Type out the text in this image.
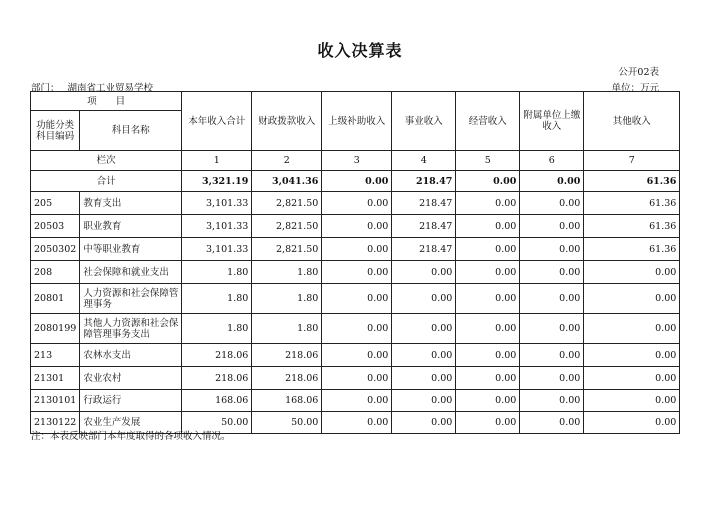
收入决算表
公开02表
部门： 湖南省工业贸易学校	单位：万元
项　　目		本年收入合计	财政拨款收入	上级补助收入	事业收入	经营收入	附属单位上缴收入	其他收入
功能分类科目编码	科目名称							
栏次		1	2	3	4	5	6	7
合计		3,321.19	3,041.36	0.00	218.47	0.00	0.00	61.36
205	教育支出	3,101.33	2,821.50	0.00	218.47	0.00	0.00	61.36
20503	职业教育	3,101.33	2,821.50	0.00	218.47	0.00	0.00	61.36
2050302	中等职业教育	3,101.33	2,821.50	0.00	218.47	0.00	0.00	61.36
208	社会保障和就业支出	1.80	1.80	0.00	0.00	0.00	0.00	0.00
20801	人力资源和社会保障管理事务	1.80	1.80	0.00	0.00	0.00	0.00	0.00
2080199	其他人力资源和社会保障管理事务支出	1.80	1.80	0.00	0.00	0.00	0.00	0.00
213	农林水支出	218.06	218.06	0.00	0.00	0.00	0.00	0.00
21301	农业农村	218.06	218.06	0.00	0.00	0.00	0.00	0.00
2130101	行政运行	168.06	168.06	0.00	0.00	0.00	0.00	0.00
2130122	农业生产发展	50.00	50.00	0.00	0.00	0.00	0.00	0.00
注：本表反映部门本年度取得的各项收入情况。
